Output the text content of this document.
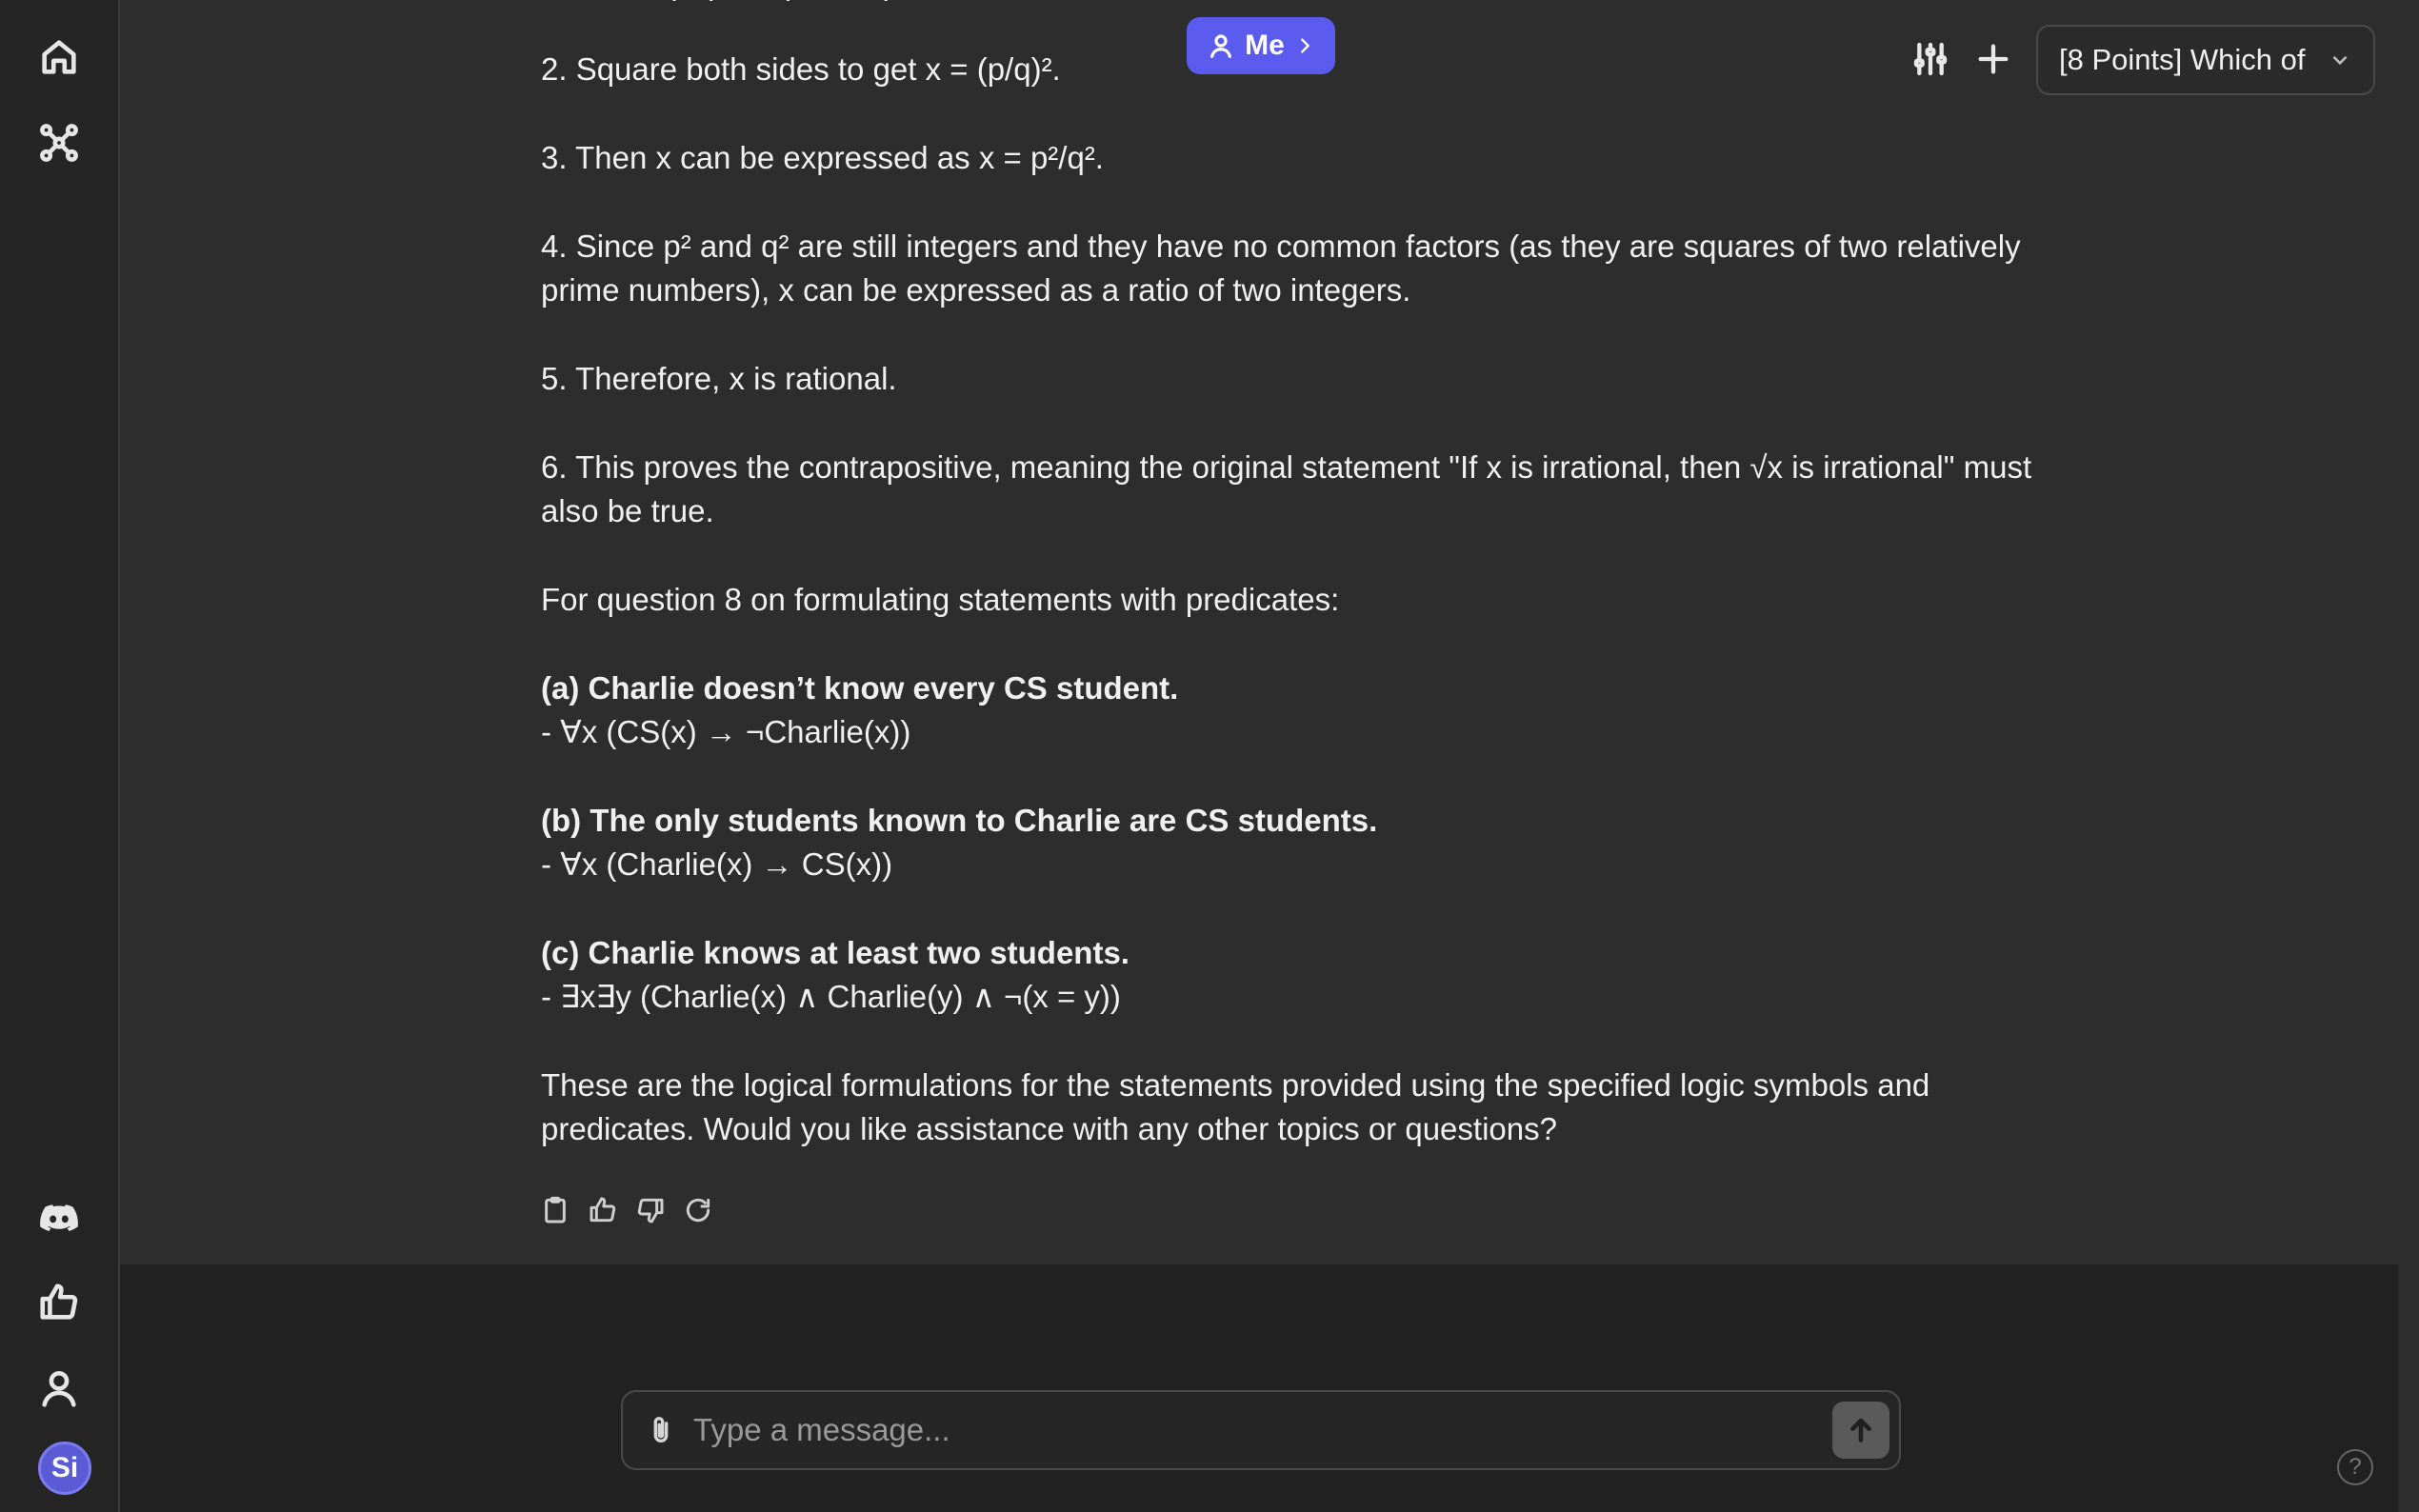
Si

2. Square both sides to get x = (p/q)².

3. Then x can be expressed as x = p²/q².

4. Since p² and q² are still integers and they have no common factors (as they are squares of two relatively prime numbers), x can be expressed as a ratio of two integers.

5. Therefore, x is rational.

6. This proves the contrapositive, meaning the original statement "If x is irrational, then √x is irrational" must also be true.

For question 8 on formulating statements with predicates:

(a) Charlie doesn’t know every CS student.
- ∀x (CS(x) → ¬Charlie(x))

(b) The only students known to Charlie are CS students.
- ∀x (Charlie(x) → CS(x))

(c) Charlie knows at least two students.
- ∃x∃y (Charlie(x) ∧ Charlie(y) ∧ ¬(x = y))

These are the logical formulations for the statements provided using the specified logic symbols and predicates. Would you like assistance with any other topics or questions?

Me	[8 Points] Which of
Type a message...
?
